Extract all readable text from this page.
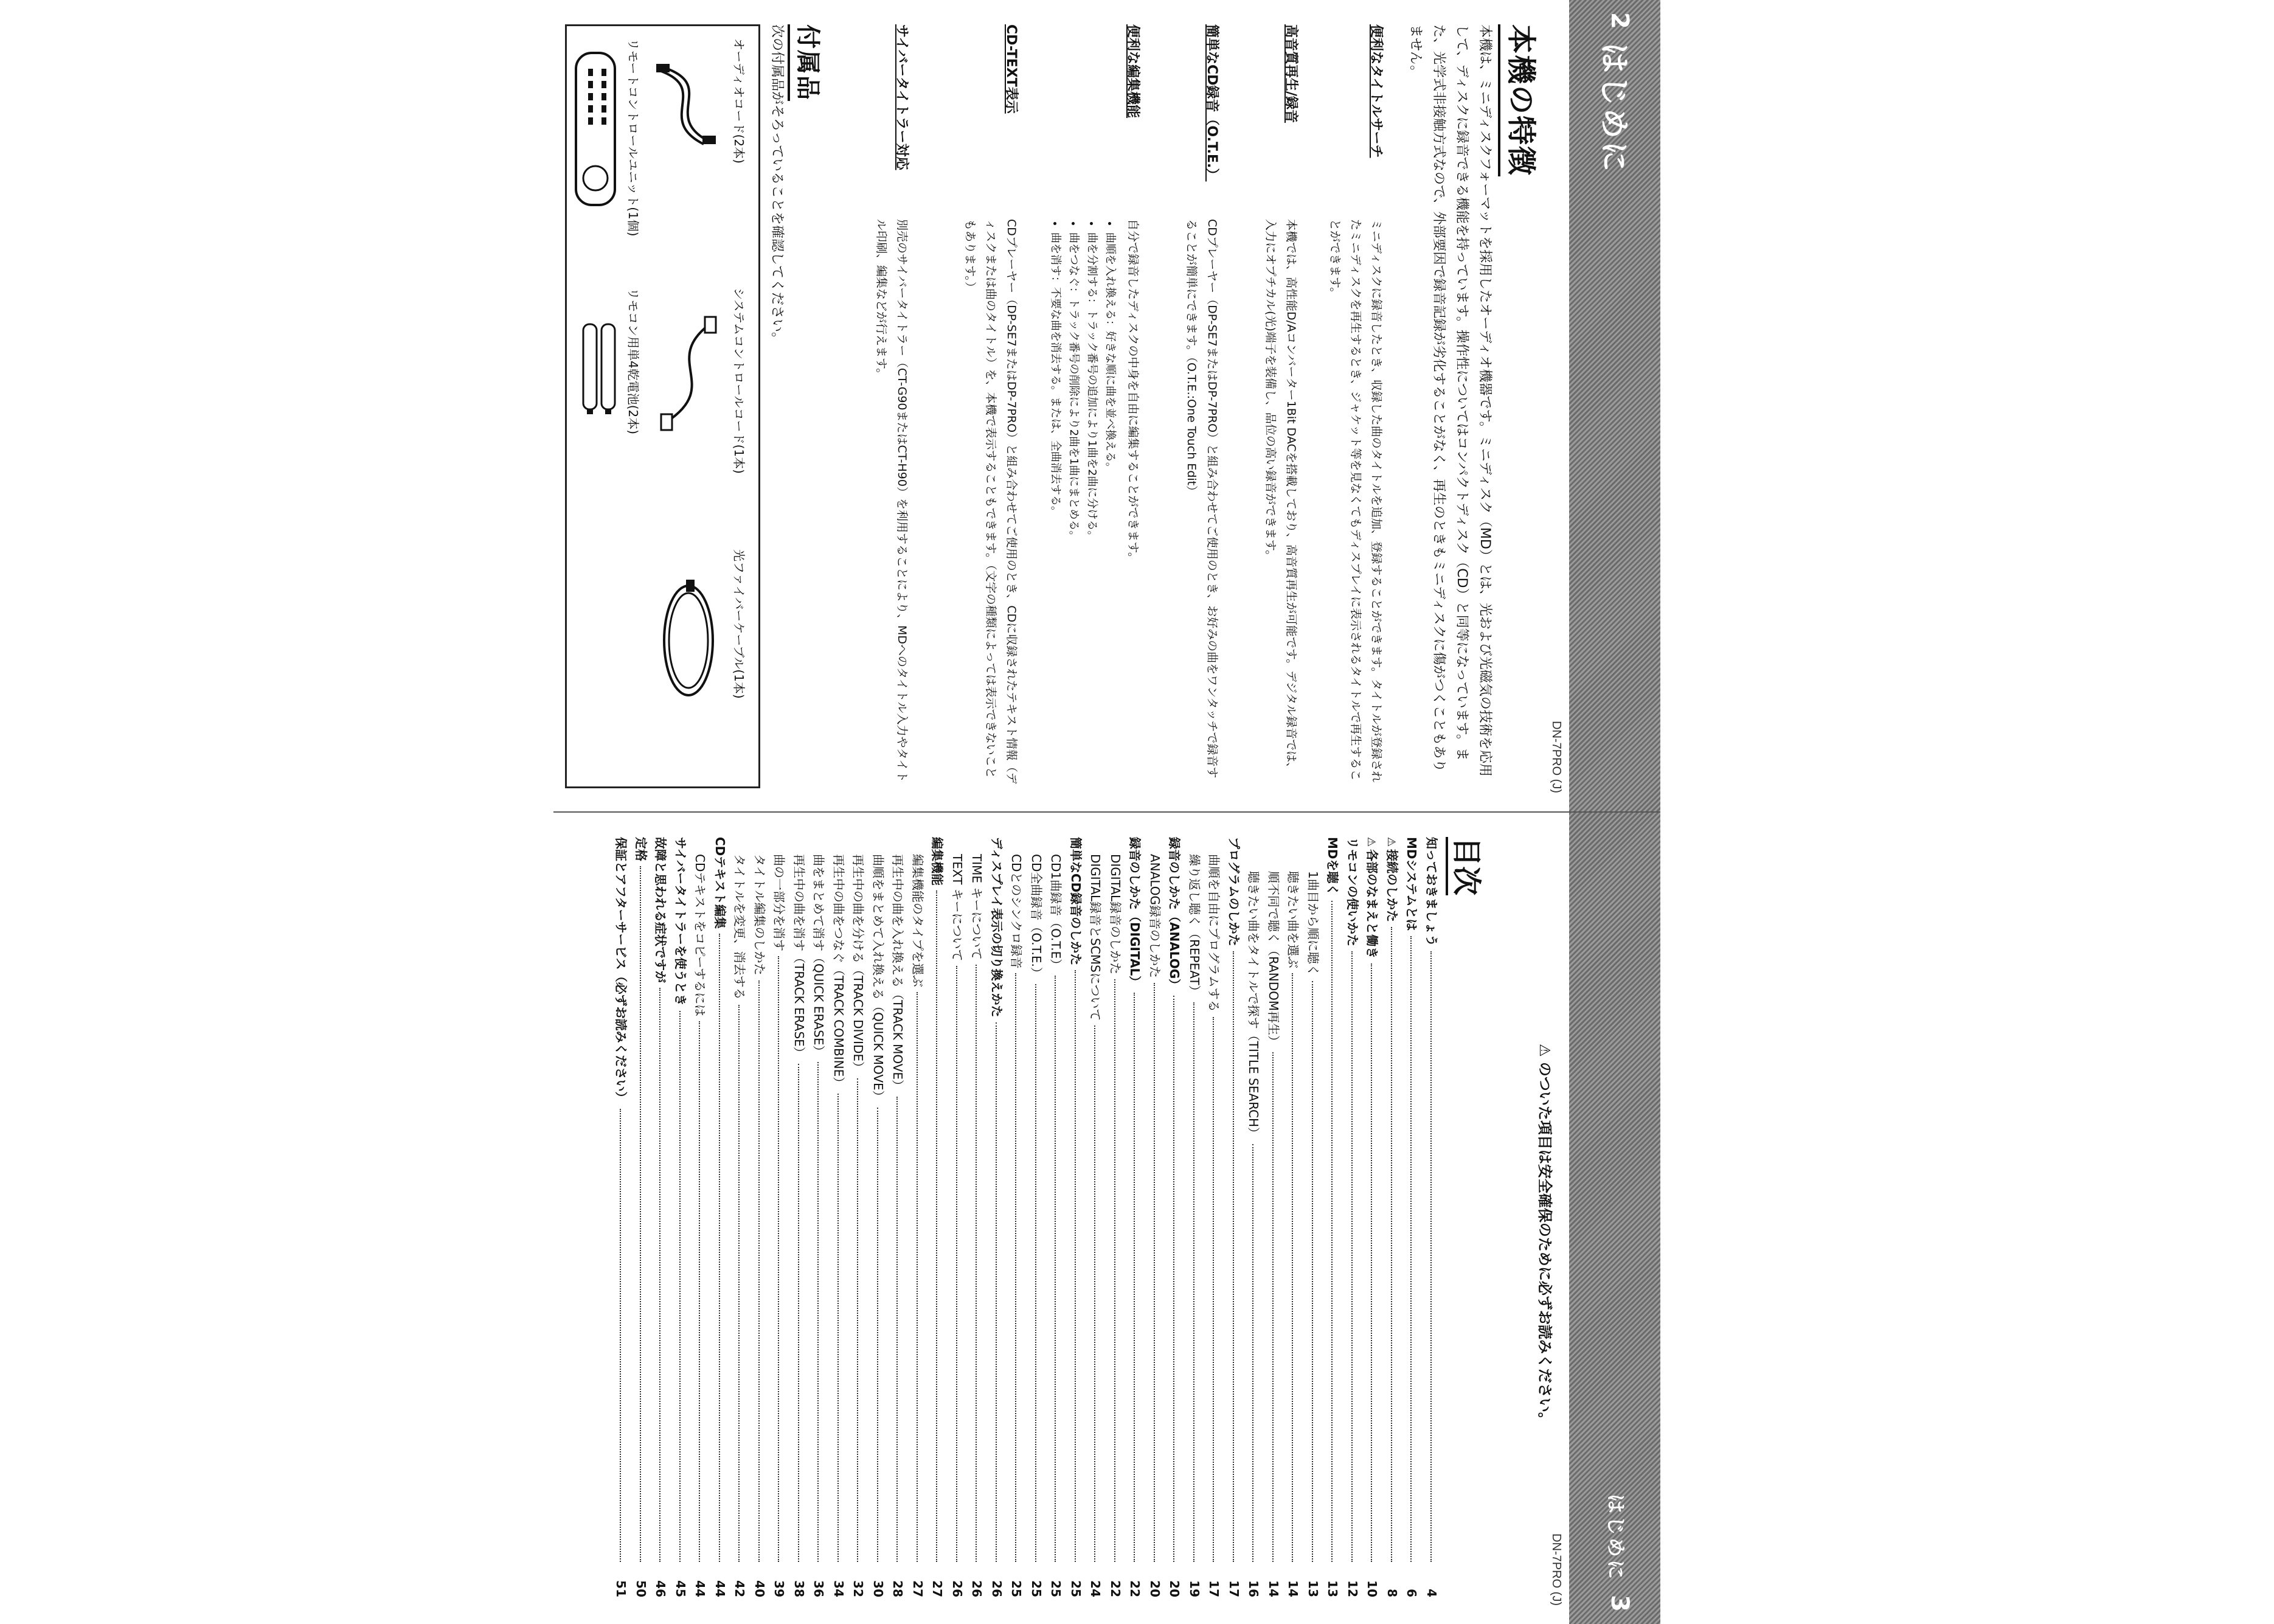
2
はじめに
DN-7PRO (J)
本機の特徴
本機は、ミニディスクフォーマットを採用したオーディオ機器です。ミニディスク（MD）とは、光および光磁気の技術を応用して、ディスクに録音できる機能を持っています。操作性についてはコンパクトディスク（CD）と同等になっています。また、光学式非接触方式なので、外部要因で録音記録が劣化することがなく、再生のときもミニディスクに傷がつくこともありません。
便利なタイトルサーチ
ミニディスクに録音したとき、収録した曲のタイトルを追加、登録することができます。タイトルが登録されたミニディスクを再生するとき、ジャケット等を見なくてもディスプレイに表示されるタイトルで再生することができます。
高音質再生/録音
本機では、高性能D/Aコンバーター1Bit DACを搭載しており、高音質再生が可能です。デジタル録音では、入力にオプチカル(光)端子を装備し、品位の高い録音ができます。
簡単なCD録音（O.T.E.）
CDプレーヤー（DP-SE7またはDP-7PRO）と組み合わせてご使用のとき、お好みの曲をワンタッチで録音することが簡単にできます。（O.T.E.:One Touch Edit）
便利な編集機能
自分で録音したディスクの中身を自由に編集することができます。
• 曲順を入れ換える：好きな順に曲を並べ換える。
• 曲を分割する：トラック番号の追加により1曲を2曲に分ける。
• 曲をつなぐ：トラック番号の削除により2曲を1曲にまとめる。
• 曲を消す：不要な曲を消去する。または、全曲消去する。
CD-TEXT表示
CDプレーヤー（DP-SE7またはDP-7PRO）と組み合わせてご使用のとき、CDに収録されたテキスト情報（ディスクまたは曲のタイトル）を、本機で表示することもできます。（文字の種類によっては表示できないこともあります。）
サイバータイトラー対応
別売のサイバータイトラー（CT-G90またはCT-H90）を利用することにより、MDへのタイトル入力やタイトル印刷、編集などが行えます。
付属品
次の付属品がそろっていることを確認してください。
オーディオコード(2本)
システムコントロールコード(1本)
光ファイバーケーブル(1本)
リモートコントロールユニット(1個)
リモコン用単4乾電池(2本)
はじめに
3
DN-7PRO (J)
⚠ のついた項目は安全確保のために必ずお読みください。
目次
知っておきましょう
4
MDシステムとは
6
⚠接続のしかた
8
⚠各部のなまえと働き
10
リモコンの使いかた
12
MDを聴く
13
1曲目から順に聴く
13
聴きたい曲を選ぶ
14
順不同で聴く（RANDOM再生）
14
聴きたい曲をタイトルで探す（TITLE SEARCH）
16
プログラムのしかた
17
曲順を自由にプログラムする
17
繰り返し聴く（REPEAT）
19
録音のしかた（ANALOG）
20
ANALOG録音のしかた
20
録音のしかた（DIGITAL）
22
DIGITAL録音のしかた
22
DIGITAL録音とSCMSについて
24
簡単なCD録音のしかた
25
CD1曲録音（O.T.E）
25
CD全曲録音（O.T.E.）
25
CDとのシンクロ録音
25
ディスプレイ表示の切り換えかた
26
TIME キーについて
26
TEXT キーについて
26
編集機能
27
編集機能のタイプを選ぶ
27
再生中の曲を入れ換える（TRACK MOVE）
28
曲順をまとめて入れ換える（QUICK MOVE）
30
再生中の曲を分ける（TRACK DIVIDE）
32
再生中の曲をつなぐ（TRACK COMBINE）
34
曲をまとめて消す（QUICK ERASE）
36
再生中の曲を消す（TRACK ERASE）
38
曲の一部分を消す
39
タイトル編集のしかた
40
タイトルを変更、消去する
42
CDテキスト編集
44
CDテキストをコピーするには
44
サイバータイトラーを使うとき
45
故障と思われる症状ですが
46
定格
50
保証とアフターサービス（必ずお読みください）
51
